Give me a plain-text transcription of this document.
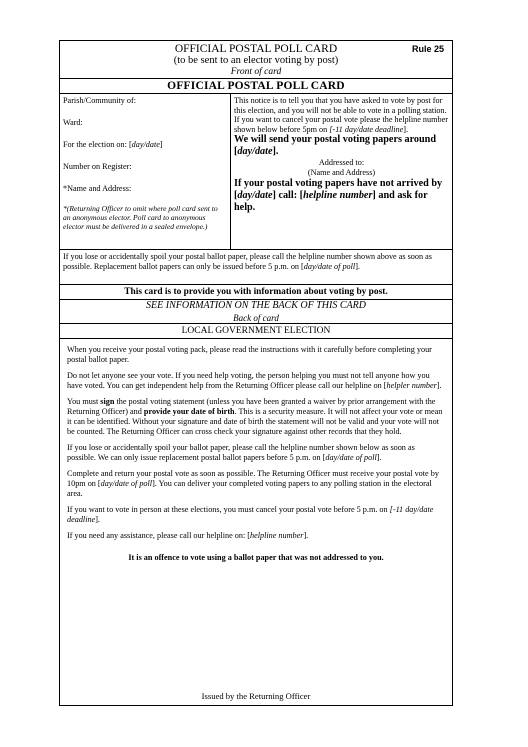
OFFICIAL POSTAL POLL CARD	Rule 25
(to be sent to an elector voting by post)
Front of card
OFFICIAL POSTAL POLL CARD

Parish/Community of:

Ward:

For the election on: [day/date]

Number on Register:

*Name and Address:

*(Returning Officer to omit where poll card sent to an anonymous elector. Poll card to anonymous elector must be delivered in a sealed envelope.)

This notice is to tell you that you have asked to vote by post for this election, and you will not be able to vote in a polling station. If you want to cancel your postal vote please the helpline number shown below before 5pm on [-11 day/date deadline].
We will send your postal voting papers around [day/date].
Addressed to:
(Name and Address)
If your postal voting papers have not arrived by [day/date] call: [helpline number] and ask for help.
If you lose or accidentally spoil your postal ballot paper, please call the helpline number shown above as soon as possible. Replacement ballot papers can only be issued before 5 p.m. on [day/date of poll].
This card is to provide you with information about voting by post.
SEE INFORMATION ON THE BACK OF THIS CARD
Back of card
LOCAL GOVERNMENT ELECTION

When you receive your postal voting pack, please read the instructions with it carefully before completing your postal ballot paper.

Do not let anyone see your vote. If you need help voting, the person helping you must not tell anyone how you have voted. You can get independent help from the Returning Officer please call our helpline on [helpler number].

You must sign the postal voting statement (unless you have been granted a waiver by prior arrangement with the Returning Officer) and provide your date of birth. This is a security measure. It will not affect your vote or mean it can be identified. Without your signature and date of birth the statement will not be valid and your vote will not be counted. The Returning Officer can cross check your signature against other records that they hold.

If you lose or accidentally spoil your ballot paper, please call the helpline number shown below as soon as possible. We can only issue replacement postal ballot papers before 5 p.m. on [day/date of poll].

Complete and return your postal vote as soon as possible. The Returning Officer must receive your postal vote by 10pm on [day/date of poll]. You can deliver your completed voting papers to any polling station in the electoral area.

If you want to vote in person at these elections, you must cancel your postal vote before 5 p.m. on [-11 day/date deadline].

If you need any assistance, please call our helpline on: [helpline number].

It is an offence to vote using a ballot paper that was not addressed to you.

Issued by the Returning Officer
